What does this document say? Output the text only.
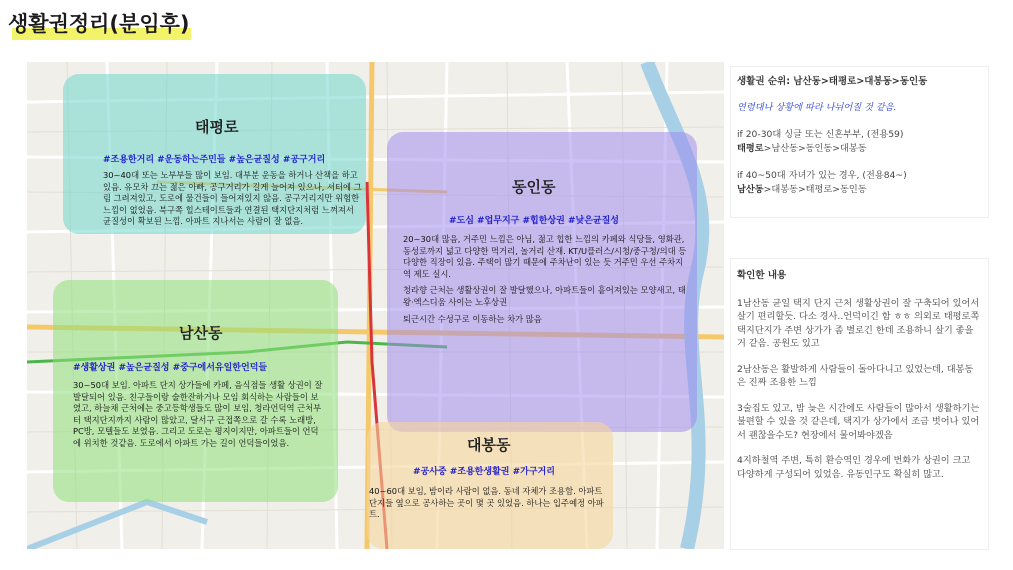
생활권정리(분임후)
태평로
#조용한거리 #운동하는주민들 #높은균질성 #공구거리

30~40대 또는 노부부들 많이 보임. 대부분 운동을 하거나 산책을 하고 있음. 유모차 끄는 젊은 아빠, 공구거리가 길게 늘어져 있으나, 셔터에 그림 그려져있고, 도로에 물건들이 들어져있지 않음. 공구거리지만 위험한 느낌이 없었음. 북구쪽 힐스테이트들과 연결된 택지단지처럼 느껴져서 균질성이 확보된 느낌. 아파트 지나서는 사람이 잘 없음.

동인동
#도심 #업무지구 #힙한상권 #낮은균질성

20~30대 많음, 거주민 느낌은 아님, 젊고 힙한 느낌의 카페와 식당들, 영화관, 동성로까지 넓고 다양한 먹거리, 놀거리 산재. KT/U플러스/시청/중구청/의대 등 다양한 직장이 있음. 주택이 많기 때문에 주차난이 있는 듯 거주민 우선 주차지역 제도 실시.

청라향 근처는 생활상권이 잘 발달했으나, 아파트들이 흩어져있는 모양새고, 태왕·엑스디움 사이는 노후상권

퇴근시간 수성구로 이동하는 차가 많음

남산동
#생활상권 #높은균질성 #중구에서유일한언덕들

30~50대 보임. 아파트 단지 상가들에 카페, 음식점들 생활 상권이 잘 발달되어 있음. 친구들이랑 술한잔하거나 모임 회식하는 사람들이 보였고, 하늘채 근처에는 중고등학생들도 많이 보임, 청라언덕역 근처부터 택지단지까지 사람이 많았고, 달서구 근접쪽으로 갈 수록 노래방, PC방, 모텔들도 보였음. 그리고 도로는 평지이지만, 아파트들이 언덕에 위치한 것같음. 도로에서 아파트 가는 길이 언덕들이었음.	대봉동
#공사중 #조용한생활권 #가구거리

40~60대 보임, 밤이라 사람이 없음. 동네 자체가 조용함. 아파트 단지들 옆으로 공사하는 곳이 몇 곳 있었음. 하나는 입주예정 아파트.

생활권 순위: 남산동>태평로>대봉동>동인동

연령대나 상황에 따라 나뉘어질 것 같음.

if 20-30대 싱글 또는 신혼부부, (전용59)

태평로>남산동>동인동>대봉동

if 40~50대 자녀가 있는 경우, (전용84~)

남산동>대봉동>태평로>동인동

확인한 내용

1남산동 균일 택지 단지 근처 생활상권이 잘 구축되어 있어서 살기 편리할듯. 다소 경사..언덕이긴 함 ㅎㅎ 의외로 태평로쪽 택지단지가 주변 상가가 좀 별로긴 한데 조용하니 살기 좋을 거 같음. 공원도 있고

2남산동은 활발하게 사람들이 돌아다니고 있었는데, 대봉동은 진짜 조용한 느낌

3술집도 있고, 밤 늦은 시간에도 사람들이 많아서 생활하기는 불편할 수 있을 것 같은데, 택지가 상가에서 조금 벗어나 있어서 괜찮을수도? 현장에서 물어봐야겠음

4지하철역 주변, 특히 환승역인 경우에 번화가 상권이 크고 다양하게 구성되어 있었음. 유동인구도 확실히 많고.
